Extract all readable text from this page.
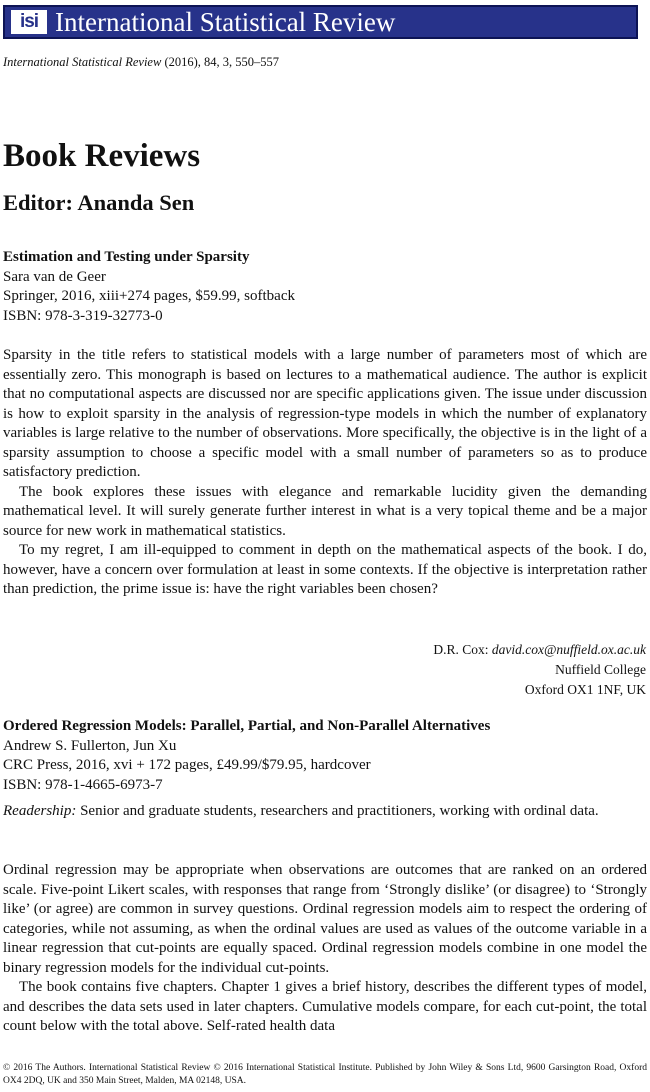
isi International Statistical Review
International Statistical Review (2016), 84, 3, 550–557
Book Reviews
Editor: Ananda Sen
Estimation and Testing under Sparsity
Sara van de Geer
Springer, 2016, xiii+274 pages, $59.99, softback
ISBN: 978-3-319-32773-0

Sparsity in the title refers to statistical models with a large number of parameters most of which are essentially zero. This monograph is based on lectures to a mathematical audience. The author is explicit that no computational aspects are discussed nor are specific applications given. The issue under discussion is how to exploit sparsity in the analysis of regression-type models in which the number of explanatory variables is large relative to the number of observations. More specifically, the objective is in the light of a sparsity assumption to choose a specific model with a small number of parameters so as to produce satisfactory prediction.

The book explores these issues with elegance and remarkable lucidity given the demanding mathematical level. It will surely generate further interest in what is a very topical theme and be a major source for new work in mathematical statistics.

To my regret, I am ill-equipped to comment in depth on the mathematical aspects of the book. I do, however, have a concern over formulation at least in some contexts. If the objective is interpretation rather than prediction, the prime issue is: have the right variables been chosen?

D.R. Cox: david.cox@nuffield.ox.ac.uk
Nuffield College
Oxford OX1 1NF, UK
Ordered Regression Models: Parallel, Partial, and Non-Parallel Alternatives
Andrew S. Fullerton, Jun Xu
CRC Press, 2016, xvi + 172 pages, £49.99/$79.95, hardcover
ISBN: 978-1-4665-6973-7

Readership: Senior and graduate students, researchers and practitioners, working with ordinal data.

Ordinal regression may be appropriate when observations are outcomes that are ranked on an ordered scale. Five-point Likert scales, with responses that range from ‘Strongly dislike’ (or disagree) to ‘Strongly like’ (or agree) are common in survey questions. Ordinal regression models aim to respect the ordering of categories, while not assuming, as when the ordinal values are used as values of the outcome variable in a linear regression that cut-points are equally spaced. Ordinal regression models combine in one model the binary regression models for the individual cut-points.

The book contains five chapters. Chapter 1 gives a brief history, describes the different types of model, and describes the data sets used in later chapters. Cumulative models compare, for each cut-point, the total count below with the total above. Self-rated health data

© 2016 The Authors. International Statistical Review © 2016 International Statistical Institute. Published by John Wiley & Sons Ltd, 9600 Garsington Road, Oxford OX4 2DQ, UK and 350 Main Street, Malden, MA 02148, USA.
